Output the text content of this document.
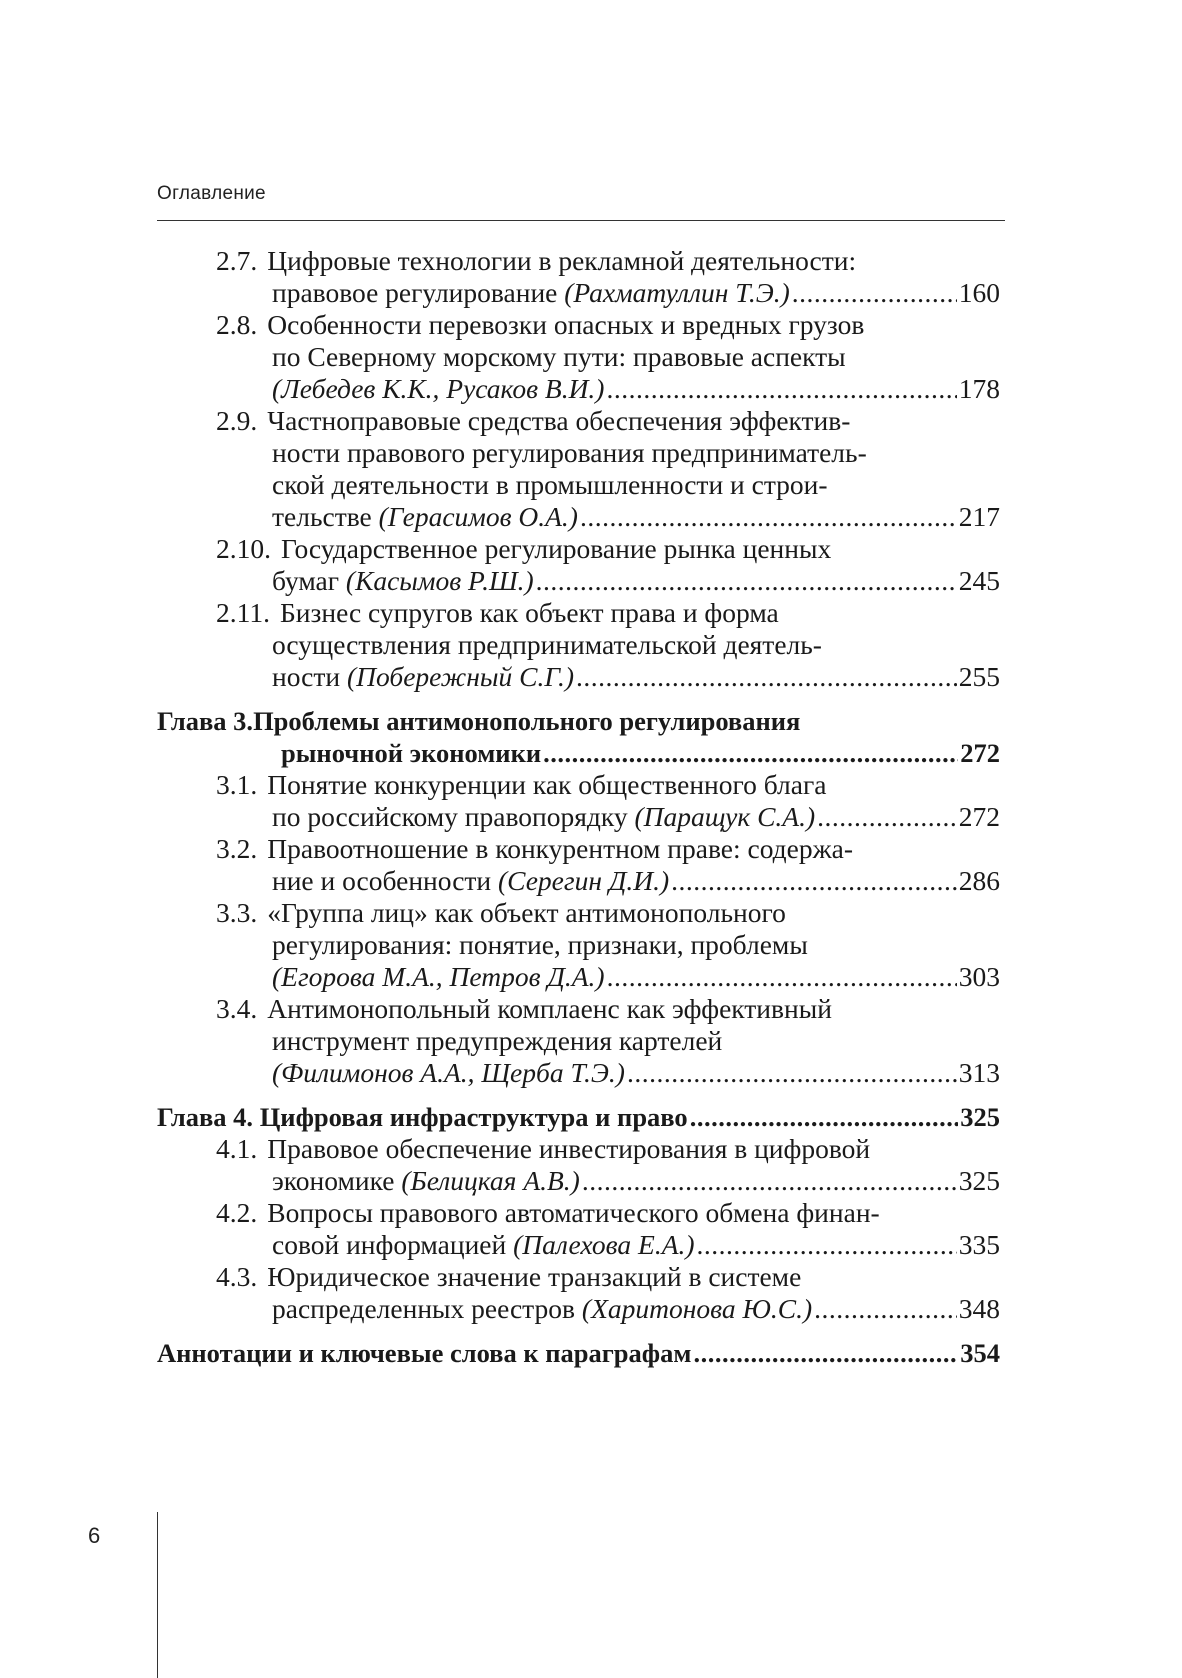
Оглавление
2.7. Цифровые технологии в рекламной деятельности:
правовое регулирование (Рахматуллин Т.Э.) .....	160
2.8. Особенности перевозки опасных и вредных грузов
по Северному морскому пути: правовые аспекты
(Лебедев К.К., Русаков В.И.) .....	178
2.9. Частноправовые средства обеспечения эффектив-
ности правового регулирования предприниматель-
ской деятельности в промышленности и строи-
тельстве (Герасимов О.А.) .....	217
2.10. Государственное регулирование рынка ценных
бумаг (Касымов Р.Ш.) .....	245
2.11. Бизнес супругов как объект права и форма
осуществления предпринимательской деятель-
ности (Побережный С.Г.) .....	255
Глава 3.Проблемы антимонопольного регулирования
рыночной экономики .....	272
3.1. Понятие конкуренции как общественного блага
по российскому правопорядку (Паращук С.А.) .....	272
3.2. Правоотношение в конкурентном праве: содержа-
ние и особенности (Серегин Д.И.) .....	286
3.3. «Группа лиц» как объект антимонопольного
регулирования: понятие, признаки, проблемы
(Егорова М.А., Петров Д.А.) .....	303
3.4. Антимонопольный комплаенс как эффективный
инструмент предупреждения картелей
(Филимонов А.А., Щерба Т.Э.) .....	313
Глава 4. Цифровая инфраструктура и право .....	325
4.1. Правовое обеспечение инвестирования в цифровой
экономике (Белицкая А.В.) .....	325
4.2. Вопросы правового автоматического обмена финан-
совой информацией (Палехова Е.А.) .....	335
4.3. Юридическое значение транзакций в системе
распределенных реестров (Харитонова Ю.С.) .....	348
Аннотации и ключевые слова к параграфам .....	354
6
